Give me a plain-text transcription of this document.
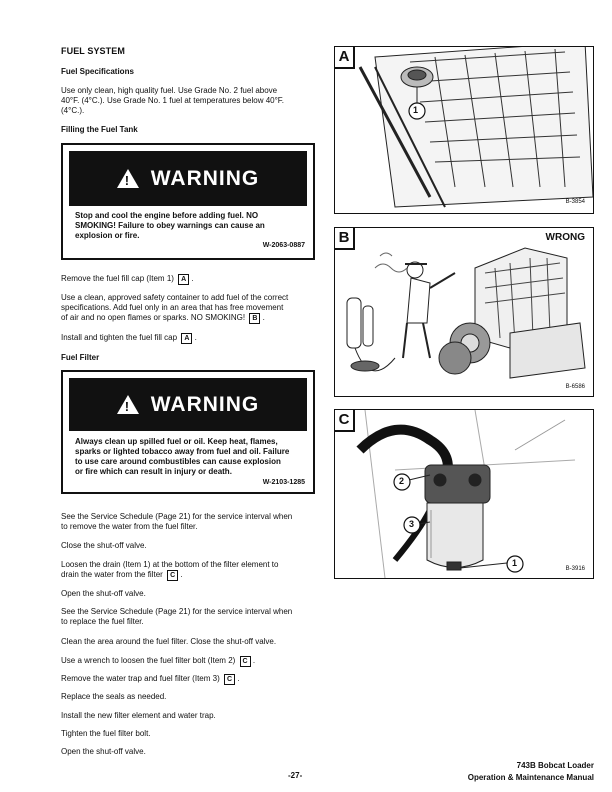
FUEL SYSTEM
Fuel Specifications
Use only clean, high quality fuel. Use Grade No. 2 fuel above
40°F. (4°C.). Use Grade No. 1 fuel at temperatures below 40°F.
(4°C.).
Filling the Fuel Tank
! WARNING
Stop and cool the engine before adding fuel. NO
SMOKING! Failure to obey warnings can cause an
explosion or fire.
W-2063-0887
Remove the fuel fill cap (Item 1) A .
Use a clean, approved safety container to add fuel of the correct
specifications. Add fuel only in an area that has free movement
of air and no open flames or sparks. NO SMOKING! B .
Install and tighten the fuel fill cap A .
Fuel Filter
! WARNING
Always clean up spilled fuel or oil. Keep heat, flames,
sparks or lighted tobacco away from fuel and oil. Failure
to use care around combustibles can cause explosion
or fire which can result in injury or death.
W-2103-1285
See the Service Schedule (Page 21) for the service interval when
to remove the water from the fuel filter.
Close the shut-off valve.
Loosen the drain (Item 1) at the bottom of the filter element to
drain the water from the filter C .
Open the shut-off valve.
See the Service Schedule (Page 21) for the service interval when
to replace the fuel filter.
Clean the area around the fuel filter. Close the shut-off valve.
Use a wrench to loosen the fuel filter bolt (Item 2) C .
Remove the water trap and fuel filter (Item 3) C .
Replace the seals as needed.
Install the new filter element and water trap.
Tighten the fuel filter bolt.
Open the shut-off valve.
A
1
B-3854
B	WRONG
B-6586
C
2
3
1
B-3916
-27-
743B Bobcat Loader
Operation & Maintenance Manual
